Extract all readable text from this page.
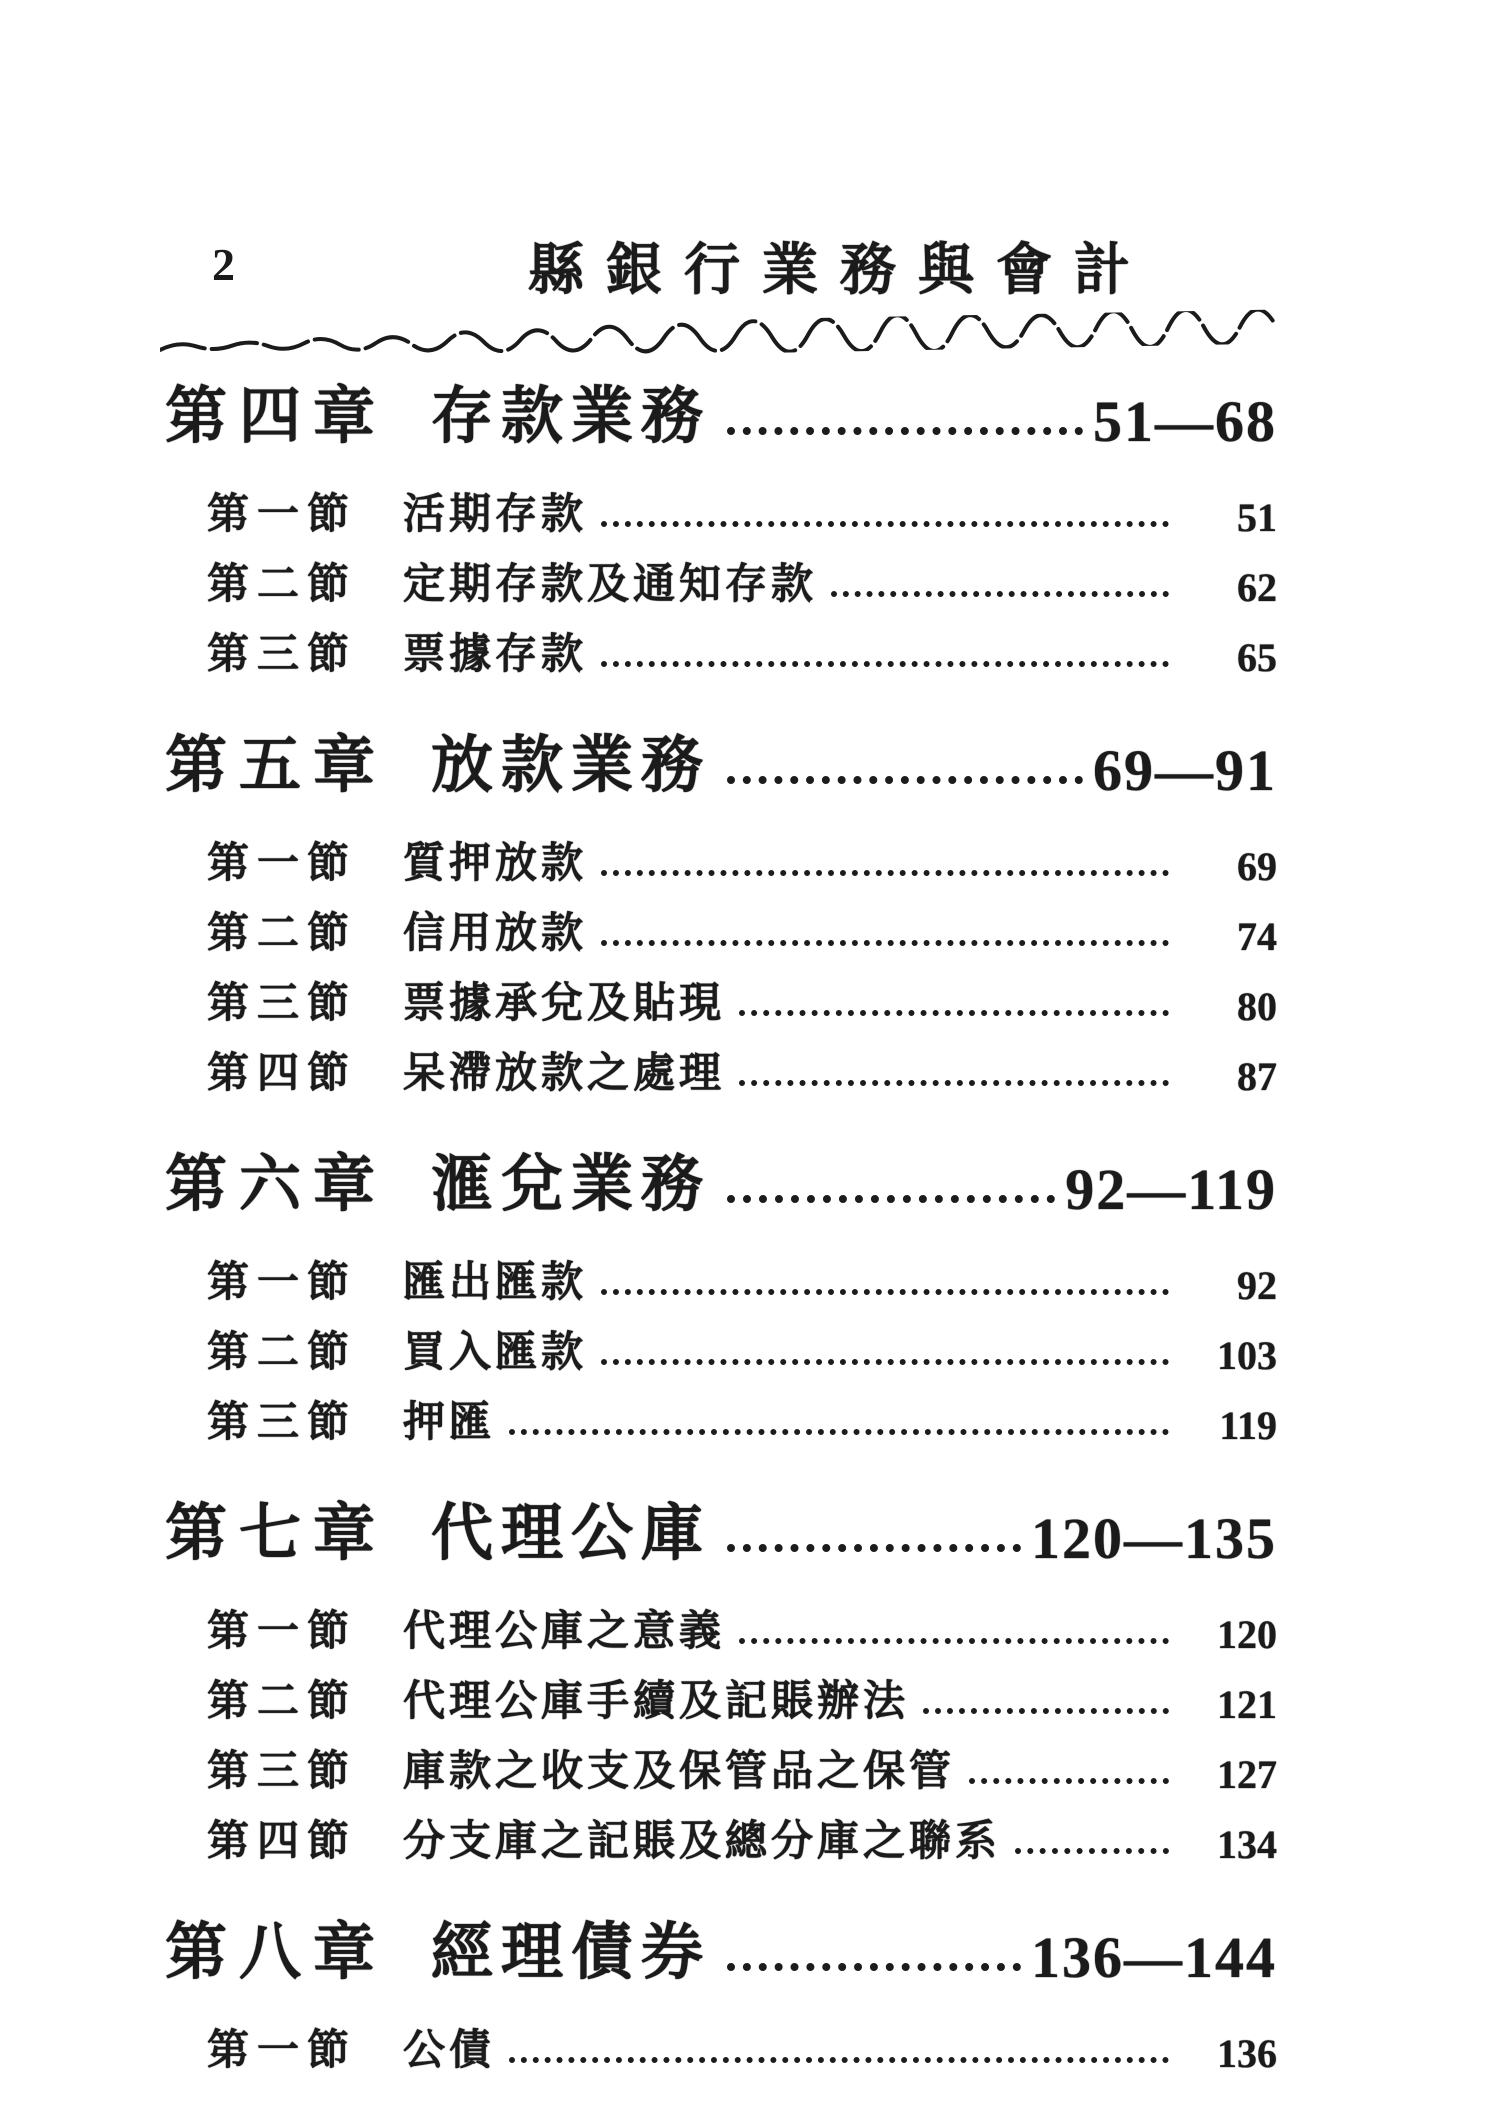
2	縣銀行業務與會計
第四章 存款業務	51—68
第一節 活期存款	51
第二節 定期存款及通知存款	62
第三節 票據存款	65
第五章 放款業務	69—91
第一節 質押放款	69
第二節 信用放款	74
第三節 票據承兌及貼現	80
第四節 呆滯放款之處理	87
第六章 滙兌業務	92—119
第一節 匯出匯款	92
第二節 買入匯款	103
第三節 押匯	119
第七章 代理公庫	120—135
第一節 代理公庫之意義	120
第二節 代理公庫手續及記賬辦法	121
第三節 庫款之收支及保管品之保管	127
第四節 分支庫之記賬及總分庫之聯系	134
第八章 經理債券	136—144
第一節 公債	136
